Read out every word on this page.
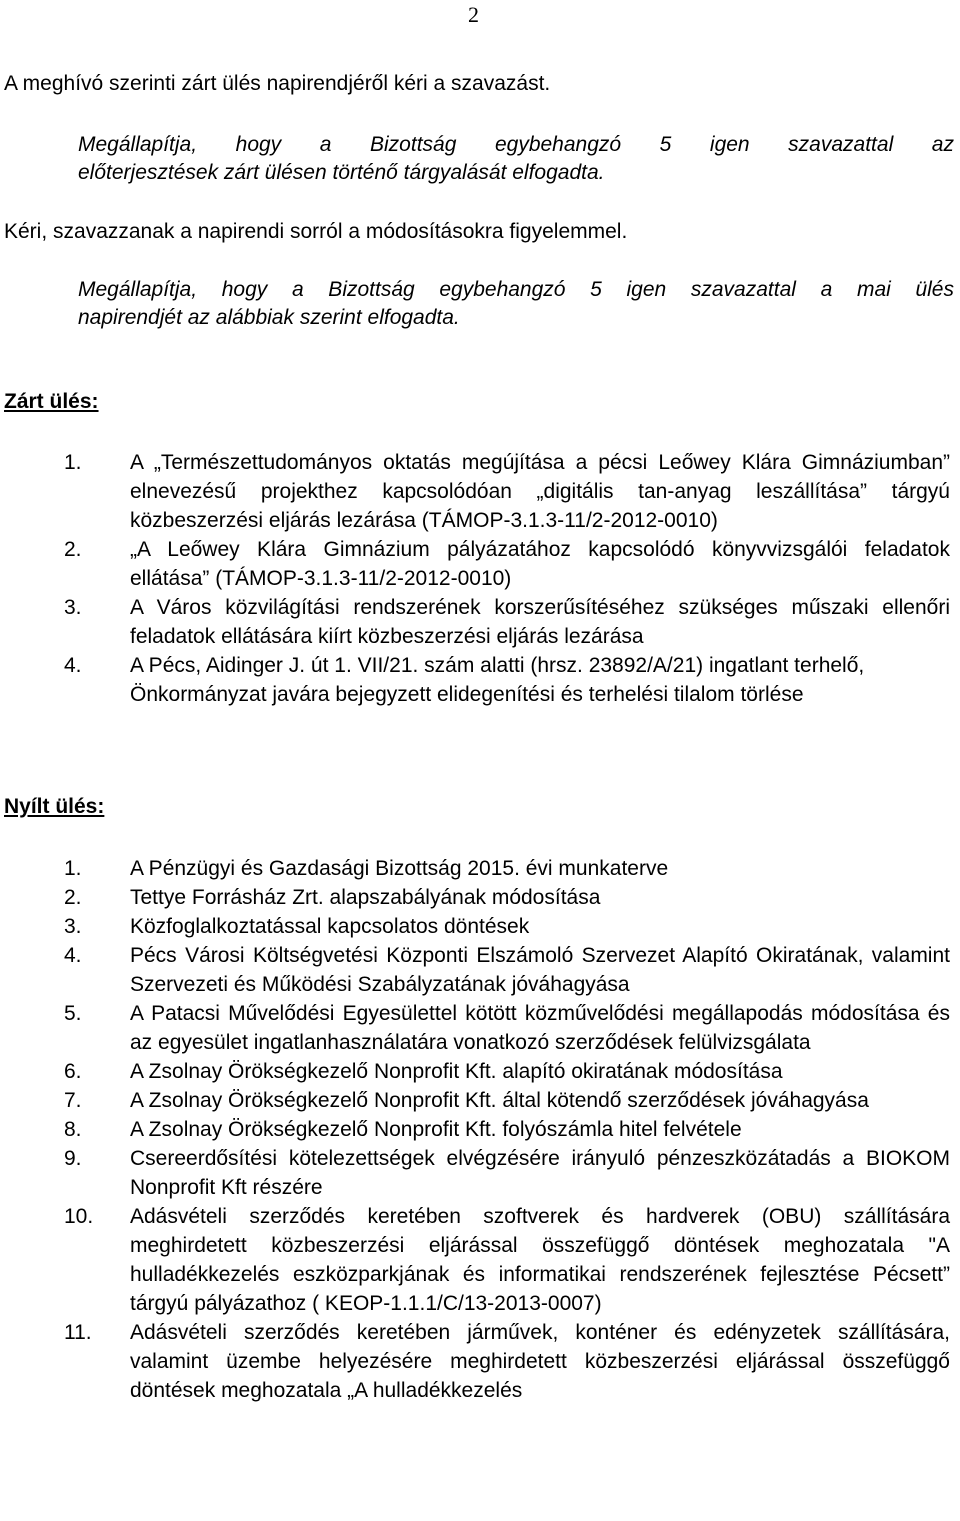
2

A meghívó szerinti zárt ülés napirendjéről kéri a szavazást.

Megállapítja, hogy a Bizottság egybehangzó 5 igen szavazattal az
előterjesztések zárt ülésen történő tárgyalását elfogadta.

Kéri, szavazzanak a napirendi sorról a módosításokra figyelemmel.

Megállapítja, hogy a Bizottság egybehangzó 5 igen szavazattal a mai ülés
napirendjét az alábbiak szerint elfogadta.

Zárt ülés:
1.	A „Természettudományos oktatás megújítása a pécsi Leőwey Klára Gimnáziumban” elnevezésű projekthez kapcsolódóan „digitális tan-anyag leszállítása” tárgyú közbeszerzési eljárás lezárása (TÁMOP-3.1.3-11/2-2012-0010)
2.	„A Leőwey Klára Gimnázium pályázatához kapcsolódó könyvvizsgálói feladatok ellátása” (TÁMOP-3.1.3-11/2-2012-0010)
3.	A Város közvilágítási rendszerének korszerűsítéséhez szükséges műszaki ellenőri feladatok ellátására kiírt közbeszerzési eljárás lezárása
4.	A Pécs, Aidinger J. út 1. VII/21. szám alatti (hrsz. 23892/A/21) ingatlant terhelő, Önkormányzat javára bejegyzett elidegenítési és terhelési tilalom törlése
Nyílt ülés:
1.	A Pénzügyi és Gazdasági Bizottság 2015. évi munkaterve
2.	Tettye Forrásház Zrt. alapszabályának módosítása
3.	Közfoglalkoztatással kapcsolatos döntések
4.	Pécs Városi Költségvetési Központi Elszámoló Szervezet Alapító Okiratának, valamint Szervezeti és Működési Szabályzatának jóváhagyása
5.	A Patacsi Művelődési Egyesülettel kötött közművelődési megállapodás módosítása és az egyesület ingatlanhasználatára vonatkozó szerződések felülvizsgálata
6.	A Zsolnay Örökségkezelő Nonprofit Kft. alapító okiratának módosítása
7.	A Zsolnay Örökségkezelő Nonprofit Kft. által kötendő szerződések jóváhagyása
8.	A Zsolnay Örökségkezelő Nonprofit Kft. folyószámla hitel felvétele
9.	Csereerdősítési kötelezettségek elvégzésére irányuló pénzeszközátadás a BIOKOM Nonprofit Kft részére
10.	Adásvételi szerződés keretében szoftverek és hardverek (OBU) szállítására meghirdetett közbeszerzési eljárással összefüggő döntések meghozatala "A hulladékkezelés eszközparkjának és informatikai rendszerének fejlesztése Pécsett” tárgyú pályázathoz ( KEOP-1.1.1/C/13-2013-0007)
11.	Adásvételi szerződés keretében járművek, konténer és edényzetek szállítására, valamint üzembe helyezésére meghirdetett közbeszerzési eljárással összefüggő döntések meghozatala „A hulladékkezelés
